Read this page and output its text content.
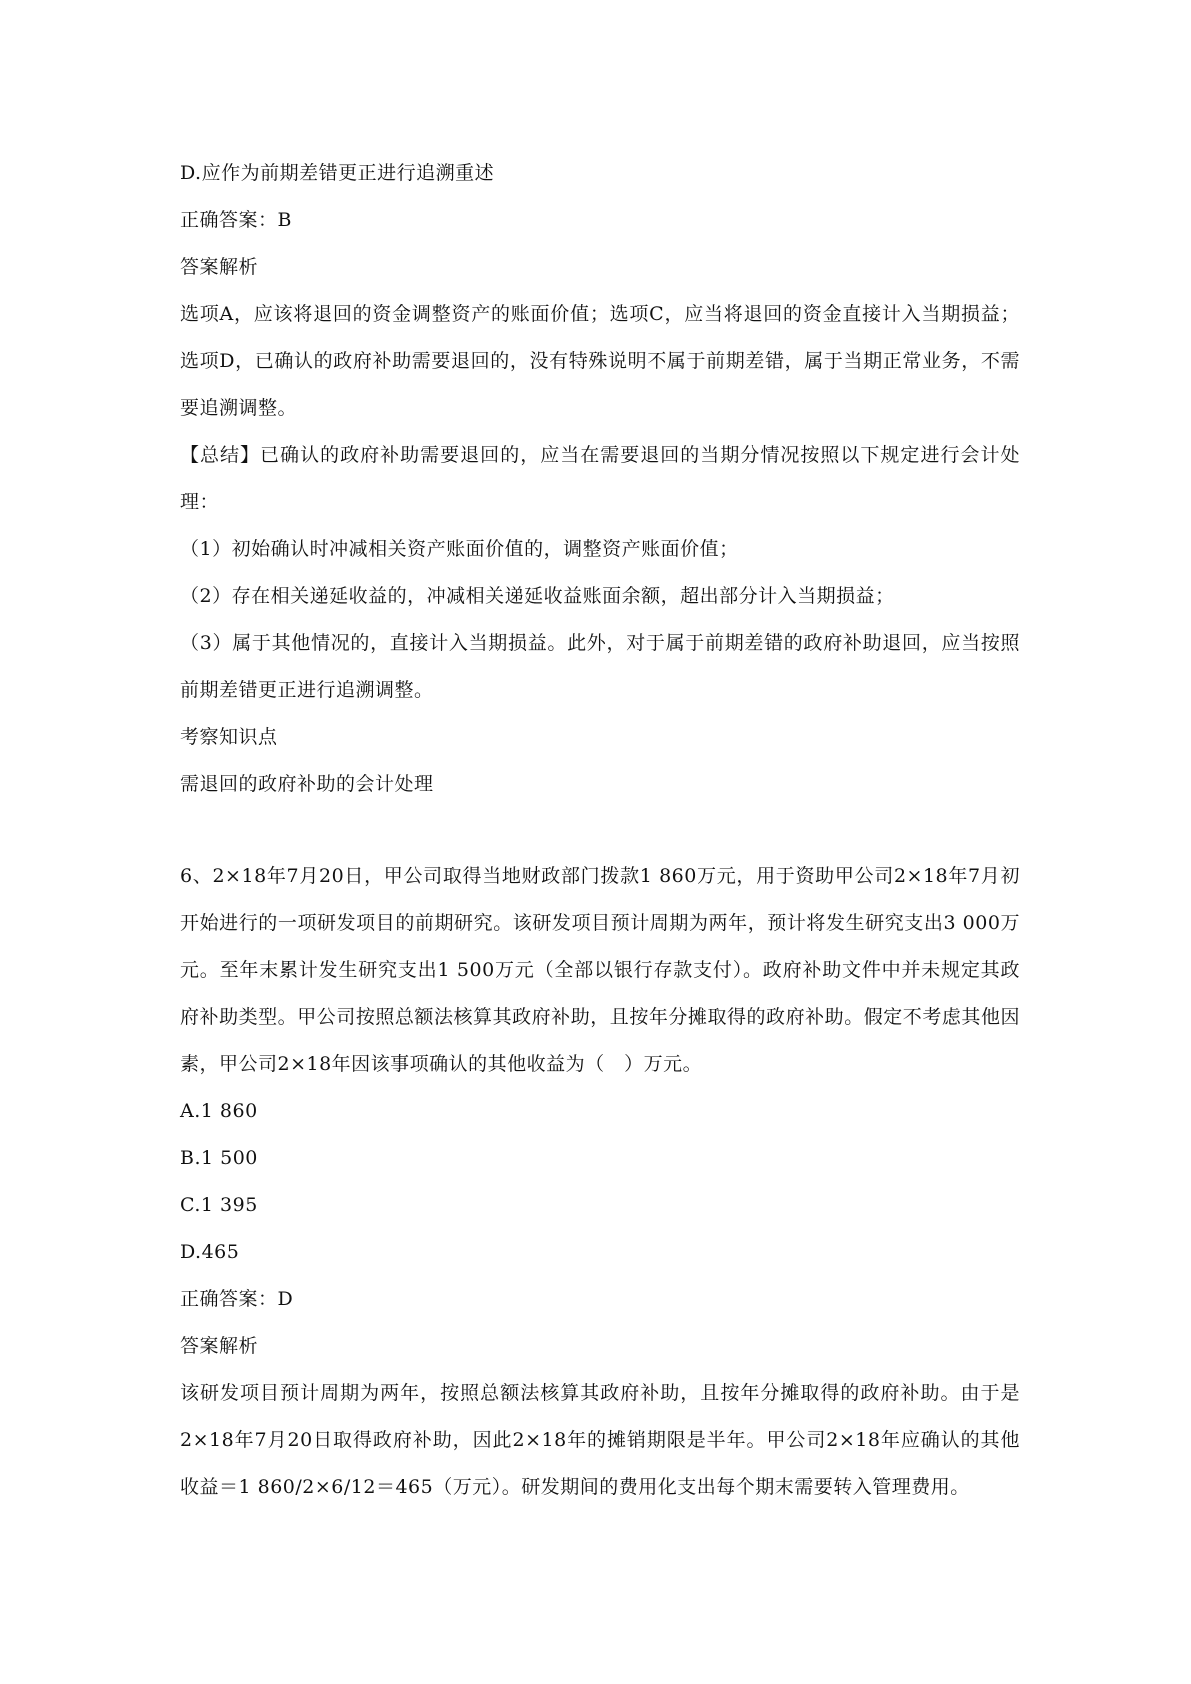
D.应作为前期差错更正进行追溯重述
正确答案：B
答案解析
选项A，应该将退回的资金调整资产的账面价值；选项C，应当将退回的资金直接计入当期损益；选项D，已确认的政府补助需要退回的，没有特殊说明不属于前期差错，属于当期正常业务，不需要追溯调整。
【总结】已确认的政府补助需要退回的，应当在需要退回的当期分情况按照以下规定进行会计处理：
（1）初始确认时冲减相关资产账面价值的，调整资产账面价值；
（2）存在相关递延收益的，冲减相关递延收益账面余额，超出部分计入当期损益；
（3）属于其他情况的，直接计入当期损益。此外，对于属于前期差错的政府补助退回，应当按照前期差错更正进行追溯调整。
考察知识点
需退回的政府补助的会计处理
6、2×18年7月20日，甲公司取得当地财政部门拨款1 860万元，用于资助甲公司2×18年7月初开始进行的一项研发项目的前期研究。该研发项目预计周期为两年，预计将发生研究支出3 000万元。至年末累计发生研究支出1 500万元（全部以银行存款支付）。政府补助文件中并未规定其政府补助类型。甲公司按照总额法核算其政府补助，且按年分摊取得的政府补助。假定不考虑其他因素，甲公司2×18年因该事项确认的其他收益为（　）万元。
A.1 860
B.1 500
C.1 395
D.465
正确答案：D
答案解析
该研发项目预计周期为两年，按照总额法核算其政府补助，且按年分摊取得的政府补助。由于是2×18年7月20日取得政府补助，因此2×18年的摊销期限是半年。甲公司2×18年应确认的其他收益＝1 860/2×6/12＝465（万元）。研发期间的费用化支出每个期末需要转入管理费用。
